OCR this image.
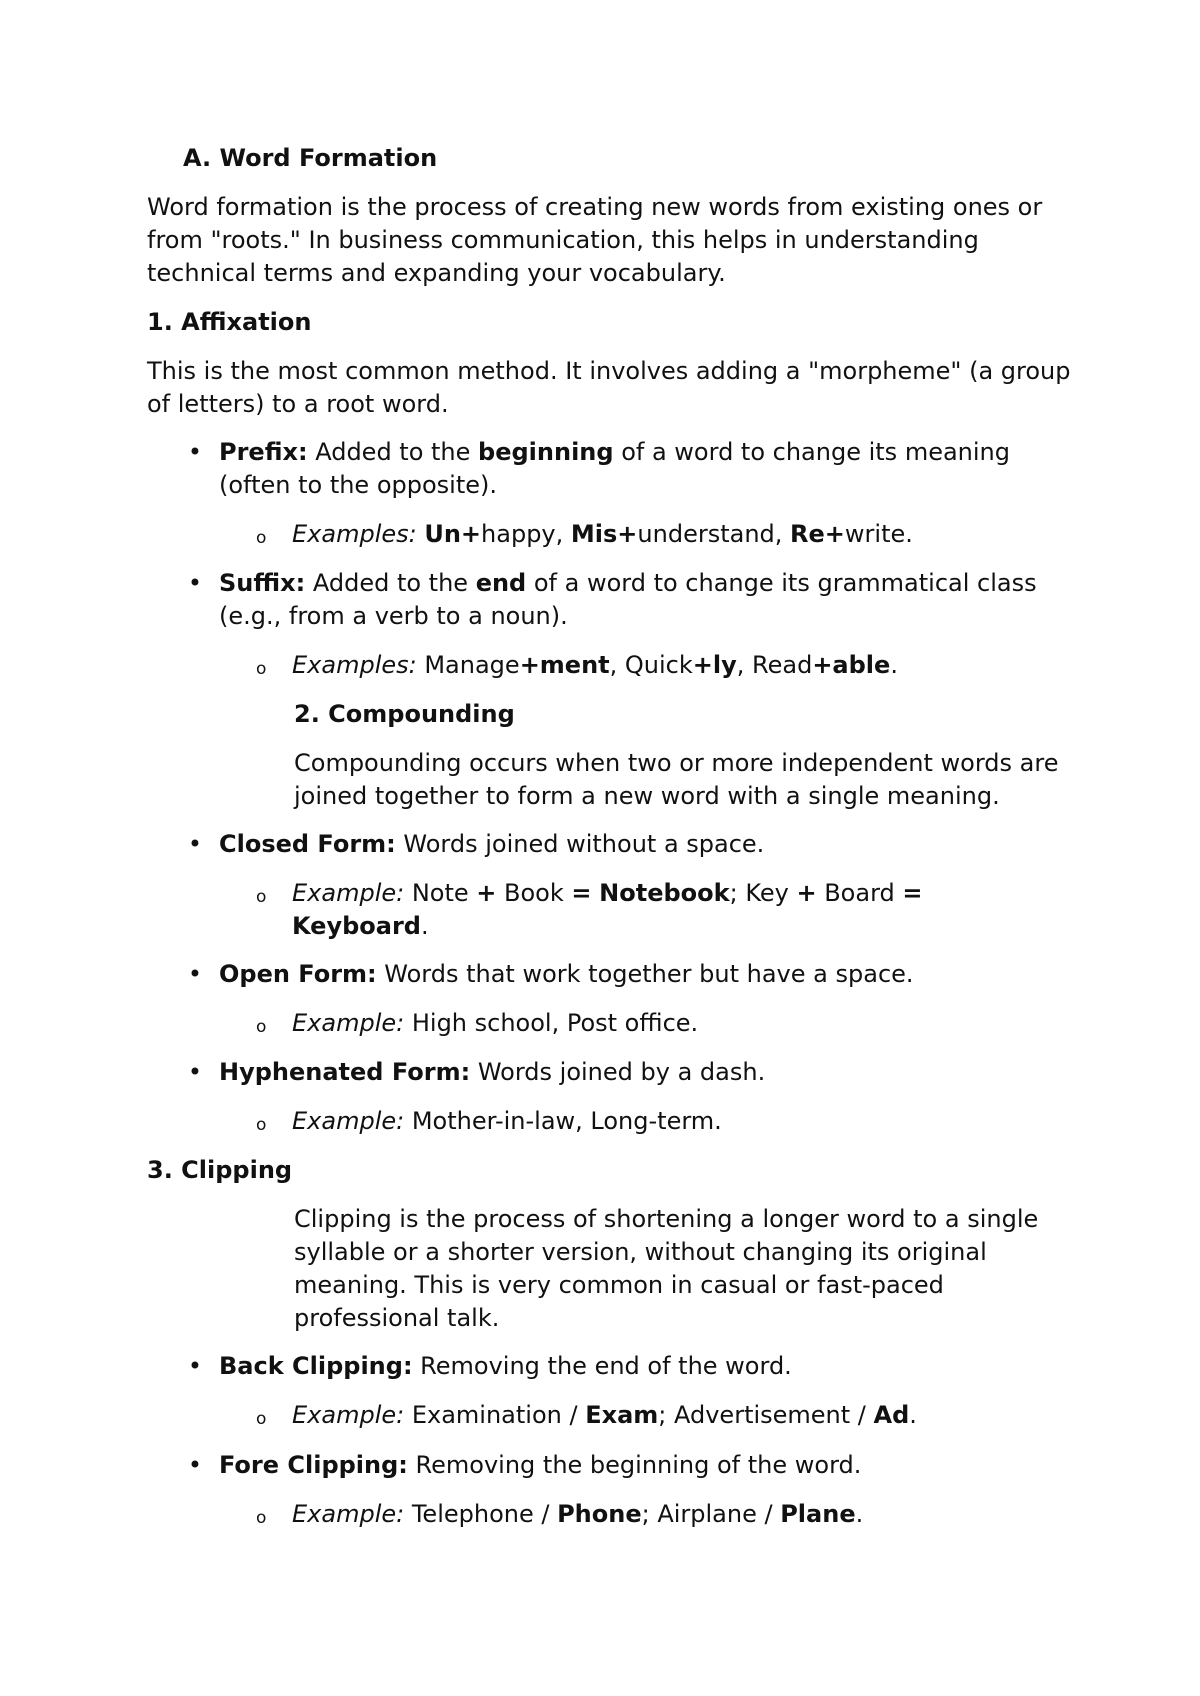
A. Word Formation

Word formation is the process of creating new words from existing ones or from "roots." In business communication, this helps in understanding technical terms and expanding your vocabulary.

1. Affixation

This is the most common method. It involves adding a "morpheme" (a group of letters) to a root word.

• Prefix: Added to the beginning of a word to change its meaning (often to the opposite).
o Examples: Un+happy, Mis+understand, Re+write.
• Suffix: Added to the end of a word to change its grammatical class (e.g., from a verb to a noun).
o Examples: Manage+ment, Quick+ly, Read+able.

2. Compounding

Compounding occurs when two or more independent words are joined together to form a new word with a single meaning.

• Closed Form: Words joined without a space.
o Example: Note + Book = Notebook; Key + Board =
Keyboard.
• Open Form: Words that work together but have a space.
o Example: High school, Post office.
• Hyphenated Form: Words joined by a dash.
o Example: Mother-in-law, Long-term.

3. Clipping

Clipping is the process of shortening a longer word to a single syllable or a shorter version, without changing its original meaning. This is very common in casual or fast-paced professional talk.

• Back Clipping: Removing the end of the word.
o Example: Examination / Exam; Advertisement / Ad.
• Fore Clipping: Removing the beginning of the word.
o Example: Telephone / Phone; Airplane / Plane.
